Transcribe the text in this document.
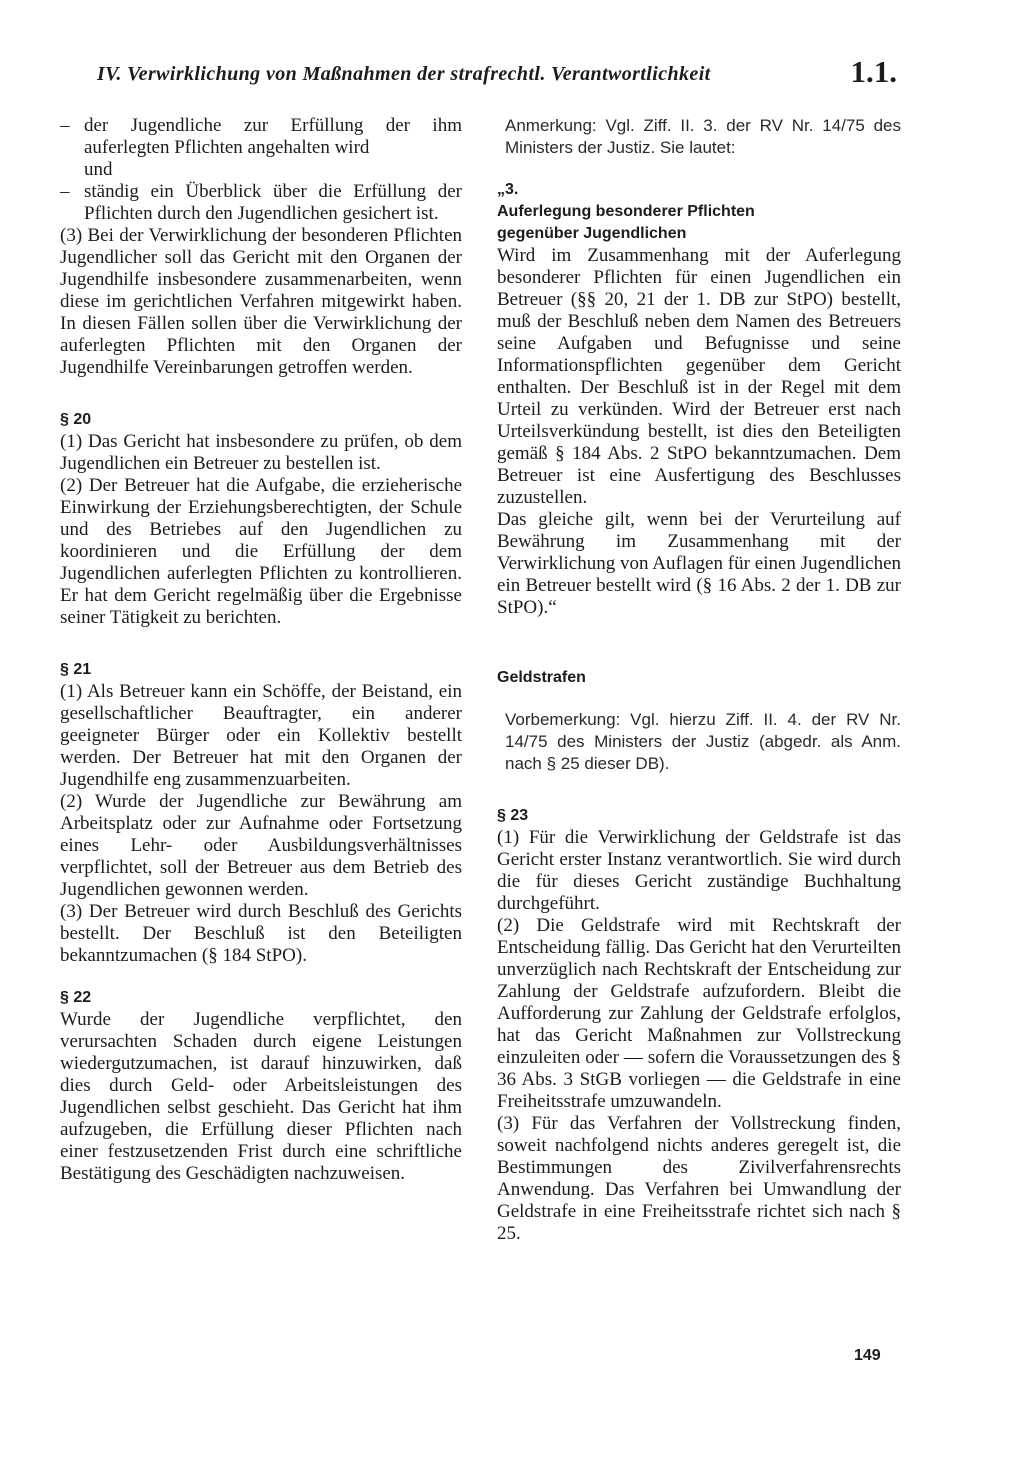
IV. Verwirklichung von Maßnahmen der strafrechtl. Verantwortlichkeit	1.1.
– der Jugendliche zur Erfüllung der ihm auferlegten Pflichten angehalten wird

und

– ständig ein Überblick über die Erfüllung der Pflichten durch den Jugendlichen gesichert ist.

(3) Bei der Verwirklichung der besonderen Pflichten Jugendlicher soll das Gericht mit den Organen der Jugendhilfe insbesondere zusammenarbeiten, wenn diese im gerichtlichen Verfahren mitgewirkt haben. In diesen Fällen sollen über die Verwirklichung der auferlegten Pflichten mit den Organen der Jugendhilfe Vereinbarungen getroffen werden.

§ 20

(1) Das Gericht hat insbesondere zu prüfen, ob dem Jugendlichen ein Betreuer zu bestellen ist.

(2) Der Betreuer hat die Aufgabe, die erzieherische Einwirkung der Erziehungsberechtigten, der Schule und des Betriebes auf den Jugendlichen zu koordinieren und die Erfüllung der dem Jugendlichen auferlegten Pflichten zu kontrollieren. Er hat dem Gericht regelmäßig über die Ergebnisse seiner Tätigkeit zu berichten.

§ 21

(1) Als Betreuer kann ein Schöffe, der Beistand, ein gesellschaftlicher Beauftragter, ein anderer geeigneter Bürger oder ein Kollektiv bestellt werden. Der Betreuer hat mit den Organen der Jugendhilfe eng zusammenzuarbeiten.

(2) Wurde der Jugendliche zur Bewährung am Arbeitsplatz oder zur Aufnahme oder Fortsetzung eines Lehr- oder Ausbildungsverhältnisses verpflichtet, soll der Betreuer aus dem Betrieb des Jugendlichen gewonnen werden.

(3) Der Betreuer wird durch Beschluß des Gerichts bestellt. Der Beschluß ist den Beteiligten bekanntzumachen (§ 184 StPO).

§ 22

Wurde der Jugendliche verpflichtet, den verursachten Schaden durch eigene Leistungen wiedergutzumachen, ist darauf hinzuwirken, daß dies durch Geld- oder Arbeitsleistungen des Jugendlichen selbst geschieht. Das Gericht hat ihm aufzugeben, die Erfüllung dieser Pflichten nach einer festzusetzenden Frist durch eine schriftliche Bestätigung des Geschädigten nachzuweisen.

Anmerkung: Vgl. Ziff. II. 3. der RV Nr. 14/75 des Ministers der Justiz. Sie lautet:

„3.

Auferlegung besonderer Pflichten

gegenüber Jugendlichen

Wird im Zusammenhang mit der Auferlegung besonderer Pflichten für einen Jugendlichen ein Betreuer (§§ 20, 21 der 1. DB zur StPO) bestellt, muß der Beschluß neben dem Namen des Betreuers seine Aufgaben und Befugnisse und seine Informationspflichten gegenüber dem Gericht enthalten. Der Beschluß ist in der Regel mit dem Urteil zu verkünden. Wird der Betreuer erst nach Urteilsverkündung bestellt, ist dies den Beteiligten gemäß § 184 Abs. 2 StPO bekanntzumachen. Dem Betreuer ist eine Ausfertigung des Beschlusses zuzustellen.

Das gleiche gilt, wenn bei der Verurteilung auf Bewährung im Zusammenhang mit der Verwirklichung von Auflagen für einen Jugendlichen ein Betreuer bestellt wird (§ 16 Abs. 2 der 1. DB zur StPO).“

Geldstrafen

Vorbemerkung: Vgl. hierzu Ziff. II. 4. der RV Nr. 14/75 des Ministers der Justiz (abgedr. als Anm. nach § 25 dieser DB).

§ 23

(1) Für die Verwirklichung der Geldstrafe ist das Gericht erster Instanz verantwortlich. Sie wird durch die für dieses Gericht zuständige Buchhaltung durchgeführt.

(2) Die Geldstrafe wird mit Rechtskraft der Entscheidung fällig. Das Gericht hat den Verurteilten unverzüglich nach Rechtskraft der Entscheidung zur Zahlung der Geldstrafe aufzufordern. Bleibt die Aufforderung zur Zahlung der Geldstrafe erfolglos, hat das Gericht Maßnahmen zur Vollstreckung einzuleiten oder — sofern die Voraussetzungen des § 36 Abs. 3 StGB vorliegen — die Geldstrafe in eine Freiheitsstrafe umzuwandeln.

(3) Für das Verfahren der Vollstreckung finden, soweit nachfolgend nichts anderes geregelt ist, die Bestimmungen des Zivilverfahrensrechts Anwendung. Das Verfahren bei Umwandlung der Geldstrafe in eine Freiheitsstrafe richtet sich nach § 25.

149
